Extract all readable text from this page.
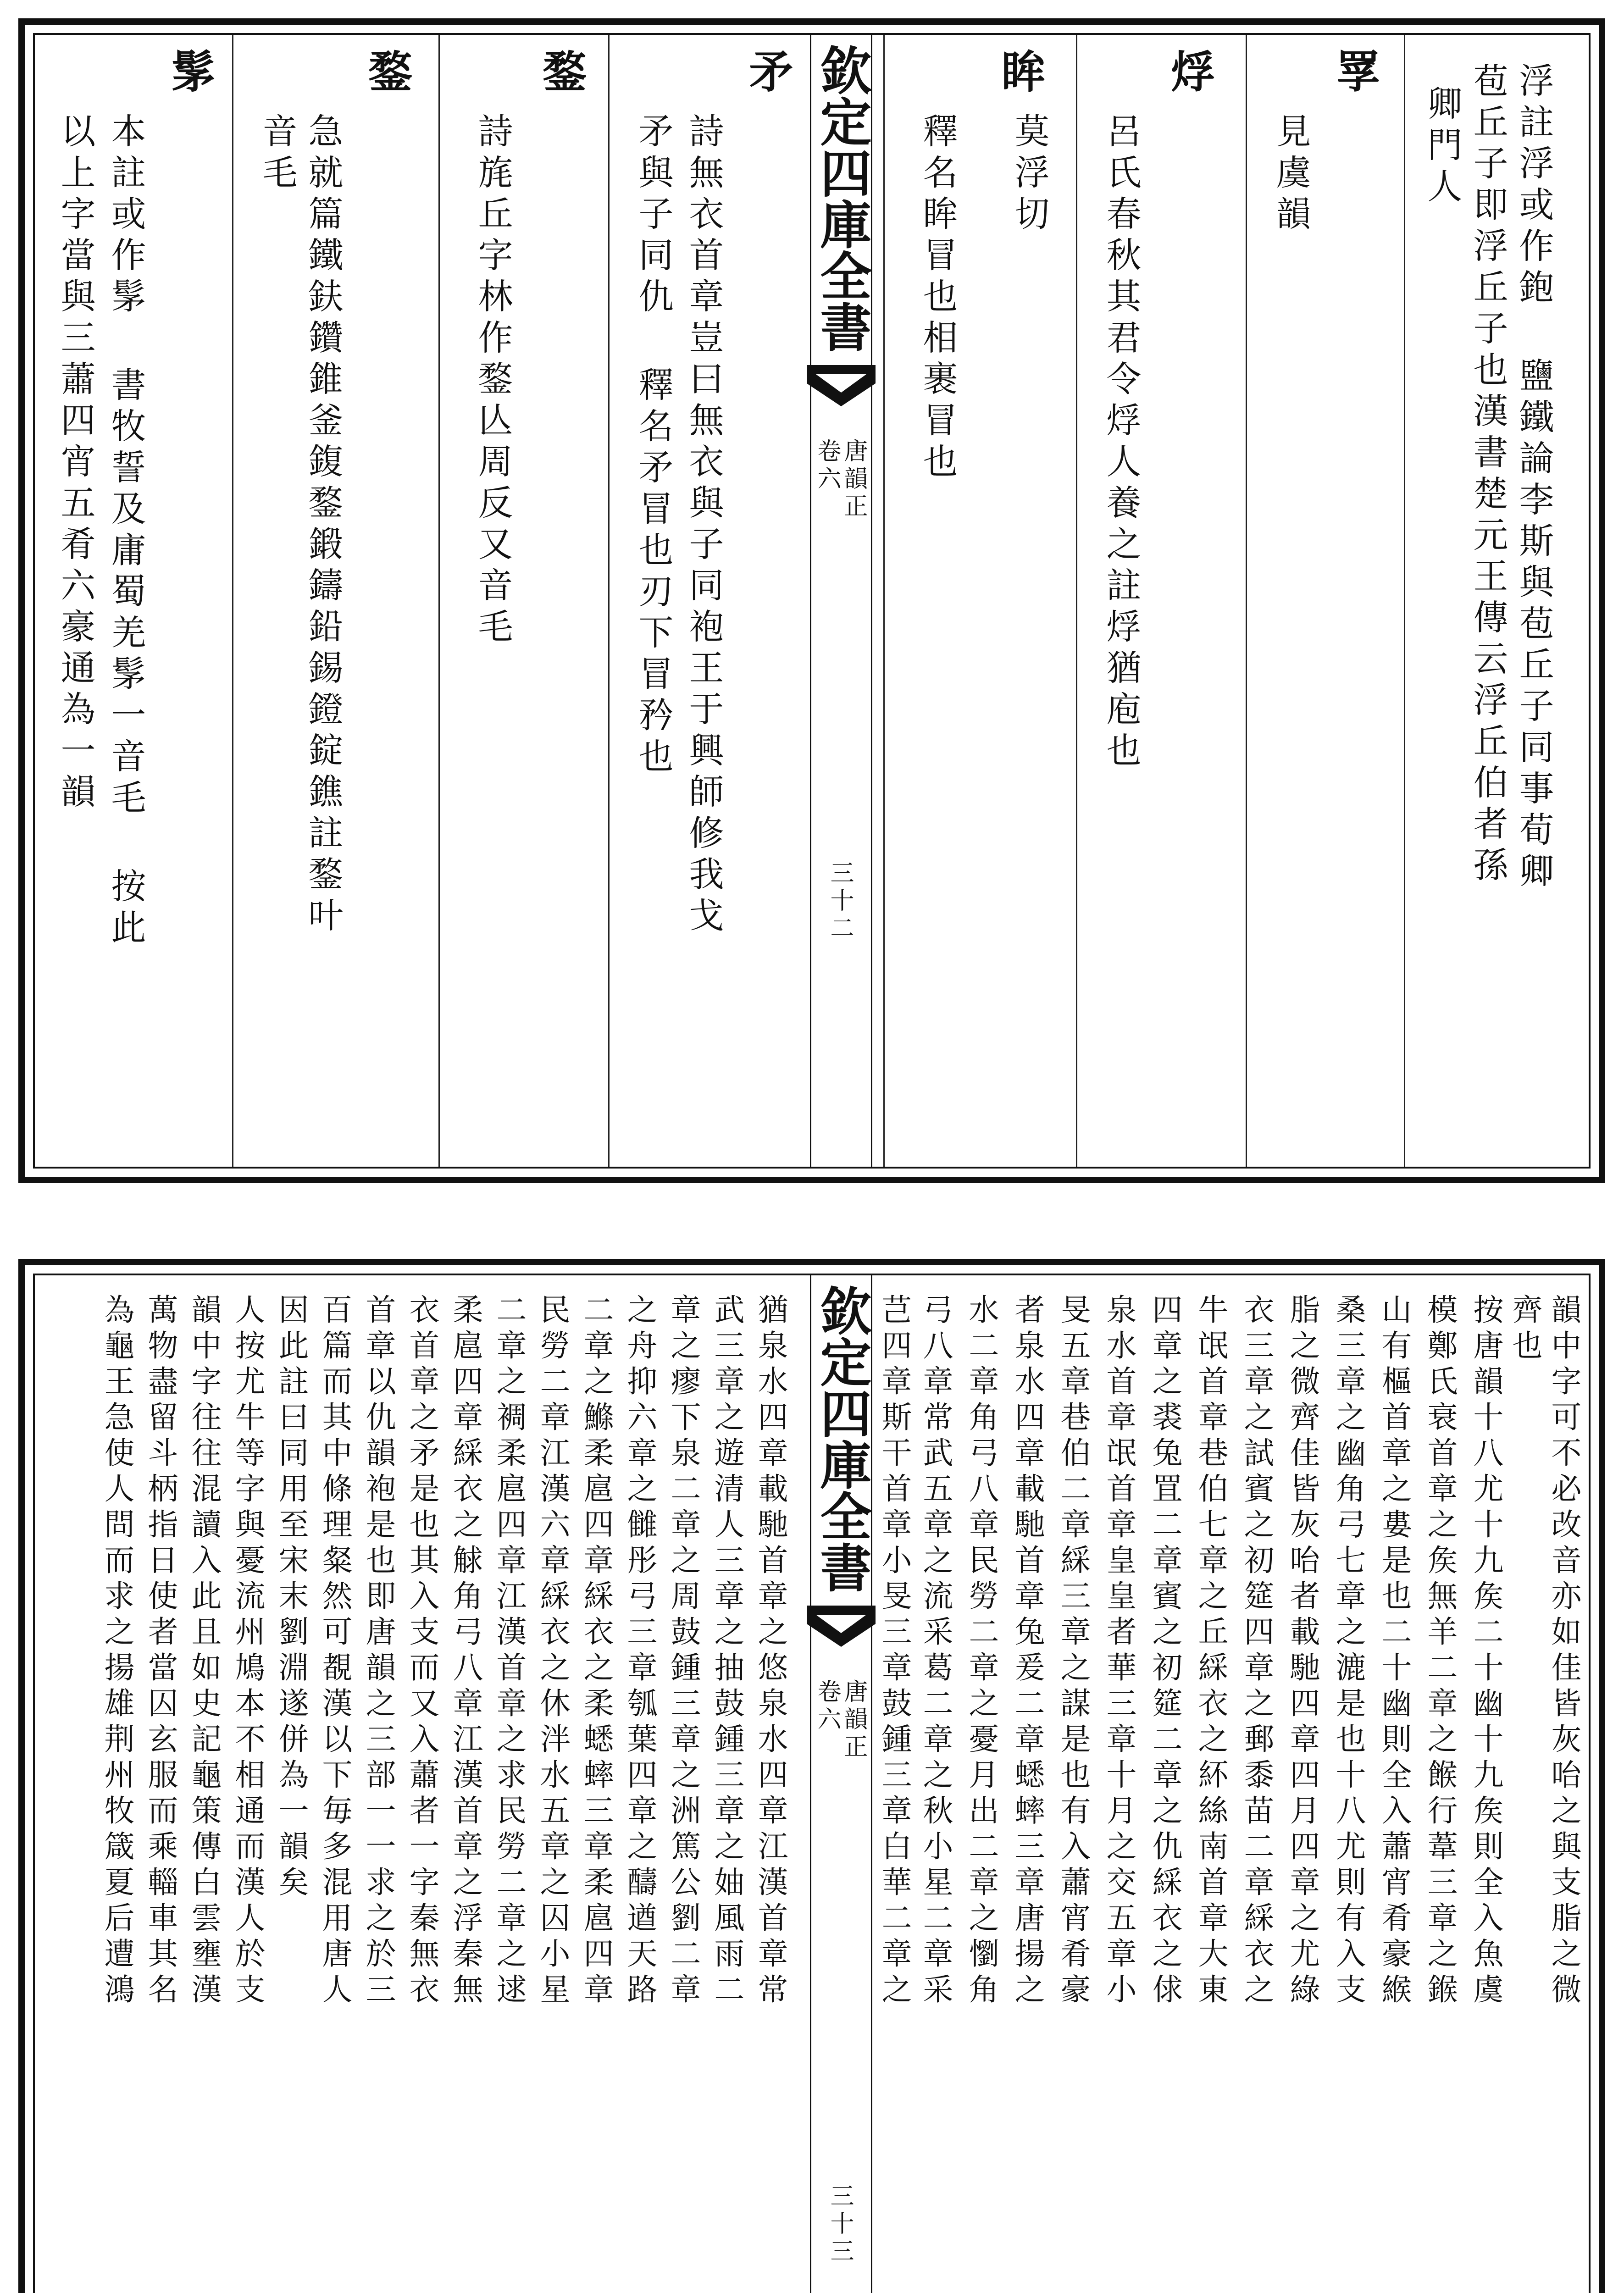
欽定四庫全書
唐韻正
卷六
三十二
浮註浮或作鉋 鹽鐵論李斯與苞丘子同事荀卿
苞丘子即浮丘子也漢書楚元王傳云浮丘伯者孫
卿門人
罦
見虞韻
烰
呂氏春秋其君令烰人養之註烰猶庖也
眸
莫浮切
釋名眸冒也相裹冒也
矛
詩無衣首章豈曰無衣與子同袍王于興師修我戈
矛與子同仇 釋名矛冒也刃下冒矜也
鍪
詩旄丘字林作鍪亾周反又音毛
鍪
急就篇鐵鈇鑽錐釜鍑鍪鍛鑄鉛錫鐙錠鐎註鍪叶
音毛
髳
本註或作髳 書牧誓及庸蜀羌髳一音毛 按此
以上字當與三蕭四宵五肴六豪通為一韻
欽定四庫全書
唐韻正
卷六
三十三
韻中字可不必改音亦如佳皆灰咍之與支脂之微
齊也
按唐韻十八尤十九矦二十幽十九矦則全入魚虞
模鄭氏衰首章之矦無羊二章之餱行葦三章之鍭
山有樞首章之婁是也二十幽則全入蕭宵肴豪緱
桑三章之幽角弓七章之漉是也十八尤則有入支
脂之微齊佳皆灰咍者載馳四章四月四章之尤綠
衣三章之試賓之初筵四章之郵黍苗二章綵衣之
牛氓首章巷伯七章之丘綵衣之紑絲南首章大東
四章之裘兔罝二章賓之初筵二章之仇綵衣之俅
泉水首章氓首章皇皇者華三章十月之交五章小
旻五章巷伯二章綵三章之謀是也有入蕭宵肴豪
者泉水四章載馳首章兔爰二章蟋蟀三章唐揚之
水二章角弓八章民勞二章之憂月出二章之懰角
弓八章常武五章之流采葛二章之秋小星二章采
芑四章斯干首章小旻三章鼓鍾三章白華二章之
猶泉水四章載馳首章之悠泉水四章江漢首章常
武三章之遊清人三章之抽鼓鍾三章之妯風雨二
章之瘳下泉二章之周鼓鍾三章之洲篤公劉二章
之舟抑六章之雠彤弓三章瓠葉四章之醻遒天路
二章之鰷柔扈四章綵衣之柔蟋蟀三章柔扈四章
民勞二章江漢六章綵衣之休泮水五章之囚小星
二章之裯柔扈四章江漢首章之求民勞二章之逑
柔扈四章綵衣之觩角弓八章江漢首章之浮秦無
衣首章之矛是也其入支而又入蕭者一字秦無衣
首章以仇韻袍是也即唐韻之三部一一求之於三
百篇而其中條理粲然可覩漢以下毎多混用唐人
因此註曰同用至宋末劉淵遂併為一韻矣
人按尤牛等字與憂流州鳩本不相通而漢人於支
韻中字往往混讀入此且如史記龜策傳白雲壅漢
萬物盡留斗柄指日使者當囚玄服而乘輜車其名
為龜王急使人問而求之揚雄荆州牧箴夏后遭鴻
